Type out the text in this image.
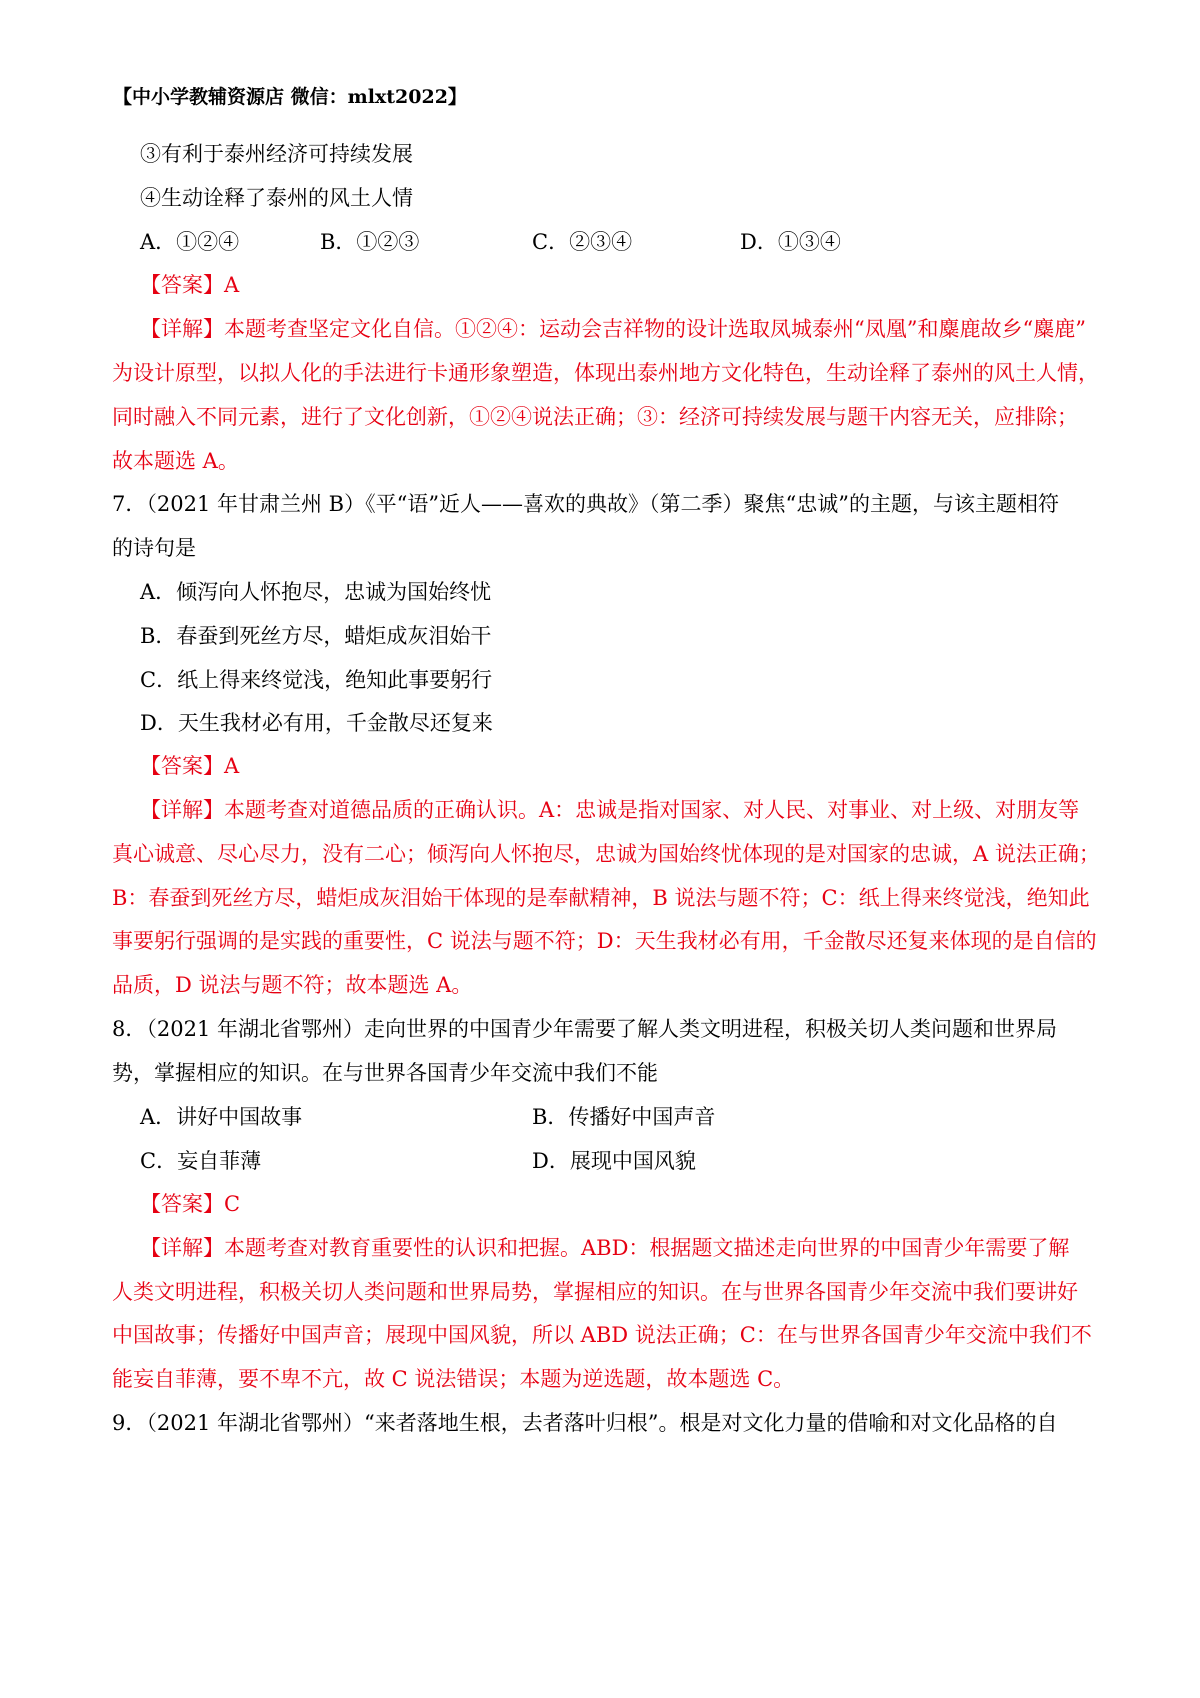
【中小学教辅资源店 微信：mlxt2022】
③有利于泰州经济可持续发展
④生动诠释了泰州的风土人情
A．①②④	B．①②③	C．②③④	D．①③④
【答案】A
【详解】本题考查坚定文化自信。①②④：运动会吉祥物的设计选取凤城泰州“凤凰”和麋鹿故乡“麋鹿”
为设计原型，以拟人化的手法进行卡通形象塑造，体现出泰州地方文化特色，生动诠释了泰州的风土人情，
同时融入不同元素，进行了文化创新，①②④说法正确；③：经济可持续发展与题干内容无关，应排除；
故本题选 A。
7．（2021 年甘肃兰州 B）《平“语”近人——喜欢的典故》（第二季）聚焦“忠诚”的主题，与该主题相符
的诗句是
A．倾泻向人怀抱尽，忠诚为国始终忧
B．春蚕到死丝方尽，蜡炬成灰泪始干
C．纸上得来终觉浅，绝知此事要躬行
D．天生我材必有用，千金散尽还复来
【答案】A
【详解】本题考查对道德品质的正确认识。A：忠诚是指对国家、对人民、对事业、对上级、对朋友等
真心诚意、尽心尽力，没有二心；倾泻向人怀抱尽，忠诚为国始终忧体现的是对国家的忠诚，A 说法正确；
B：春蚕到死丝方尽，蜡炬成灰泪始干体现的是奉献精神，B 说法与题不符；C：纸上得来终觉浅，绝知此
事要躬行强调的是实践的重要性，C 说法与题不符；D：天生我材必有用，千金散尽还复来体现的是自信的
品质，D 说法与题不符；故本题选 A。
8．（2021 年湖北省鄂州）走向世界的中国青少年需要了解人类文明进程，积极关切人类问题和世界局
势，掌握相应的知识。在与世界各国青少年交流中我们不能
A．讲好中国故事	B．传播好中国声音
C．妄自菲薄	D．展现中国风貌
【答案】C
【详解】本题考查对教育重要性的认识和把握。ABD：根据题文描述走向世界的中国青少年需要了解
人类文明进程，积极关切人类问题和世界局势，掌握相应的知识。在与世界各国青少年交流中我们要讲好
中国故事；传播好中国声音；展现中国风貌，所以 ABD 说法正确；C：在与世界各国青少年交流中我们不
能妄自菲薄，要不卑不亢，故 C 说法错误；本题为逆选题，故本题选 C。
9．（2021 年湖北省鄂州）“来者落地生根，去者落叶归根”。根是对文化力量的借喻和对文化品格的自
